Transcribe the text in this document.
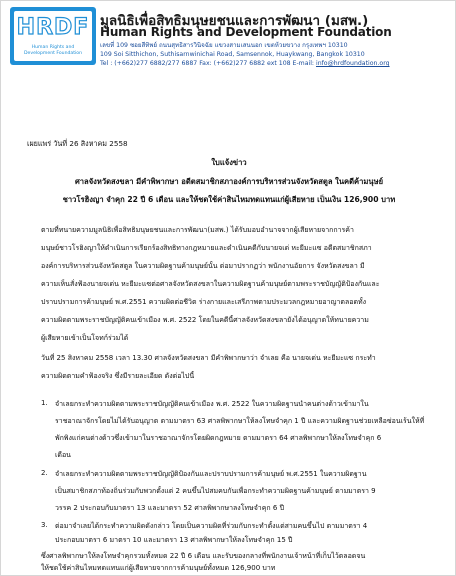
HRDF
Human Rights and Development Foundation
มูลนิธิเพื่อสิทธิมนุษยชนและการพัฒนา (มสพ.)
Human Rights and Development Foundation
เลขที่ 109 ซอยสีทิพย์ ถนนสุทธิสารวินิจฉัย แขวงสามเสนนอก เขตห้วยขวาง กรุงเทพฯ 10310
109 Soi Sitthichon, Suthisarnwinichai Road, Samsennok, Huaykwang, Bangkok 10310
Tel : (+662)277 6882/277 6887 Fax: (+662)277 6882 ext 108 E-mail: info@hrdfoundation.org
เผยแพร่ วันที่ 26 สิงหาคม 2558
ใบแจ้งข่าว
ศาลจังหวัดสงขลา มีคำพิพากษา อดีตสมาชิกสภาองค์การบริหารส่วนจังหวัดสตูล ในคดีค้ามนุษย์
ชาวโรฮิงญา จำคุก 22 ปี 6 เดือน และให้ชดใช้ค่าสินไหมทดแทนแก่ผู้เสียหาย เป็นเงิน 126,900 บาท
ตามที่ทนายความมูลนิธิเพื่อสิทธิมนุษยชนและการพัฒนา(มสพ.) ได้รับมอบอำนาจจากผู้เสียหายจากการค้า
มนุษย์ชาวโรฮิงญาให้ดำเนินการเรียกร้องสิทธิทางกฎหมายและดำเนินคดีกับนายจเด่ หะยีมะแซ อดีตสมาชิกสภา
องค์การบริหารส่วนจังหวัดสตูล ในความผิดฐานค้ามนุษย์นั้น ต่อมาปรากฏว่า พนักงานอัยการ จังหวัดสงขลา มี
ความเห็นสั่งฟ้องนายจเด่น หะยีมะแซต่อศาลจังหวัดสงขลาในความผิดฐานค้ามนุษย์ตามพระราชบัญญัติป้องกันและ
ปราบปรามการค้ามนุษย์ พ.ศ.2551 ความผิดต่อชีวิต ร่างกายและเสรีภาพตามประมวลกฎหมายอาญาตลอดทั้ง
ความผิดตามพระราชบัญญัติคนเข้าเมือง พ.ศ. 2522 โดยในคดีนี้ศาลจังหวัดสงขลายังได้อนุญาตให้ทนายความ
ผู้เสียหายเข้าเป็นโจทก์ร่วมได้
วันที่ 25 สิงหาคม 2558 เวลา 13.30 ศาลจังหวัดสงขลา มีคำพิพากษาว่า จำเลย คือ นายจเด่น หะยีมะแซ กระทำ
ความผิดตามคำฟ้องจริง ซึ่งมีรายละเอียด ดังต่อไปนี้
1. จำเลยกระทำความผิดตามพระราชบัญญัติคนเข้าเมือง พ.ศ. 2522 ในความผิดฐานนำคนต่างด้าวเข้ามาใน
ราชอาณาจักรโดยไม่ได้รับอนุญาต ตามมาตรา 63 ศาลพิพากษาให้ลงโทษจำคุก 1 ปี และความผิดฐานช่วยเหลือซ่อนเร้นให้ที่
พักพิงแก่คนต่างด้าวซึ่งเข้ามาในราชอาณาจักรโดยผิดกฎหมาย ตามมาตรา 64 ศาลพิพากษาให้ลงโทษจำคุก 6
เดือน
2. จำเลยกระทำความผิดตามพระราชบัญญัติป้องกันและปราบปรามการค้ามนุษย์ พ.ศ.2551 ในความผิดฐาน
เป็นสมาชิกสภาท้องถิ่นร่วมกับพวกตั้งแต่ 2 คนขึ้นไปสมคบกันเพื่อกระทำความผิดฐานค้ามนุษย์ ตามมาตรา 9
วรรค 2 ประกอบกับมาตรา 13 และมาตรา 52 ศาลพิพากษาลงโทษจำคุก 6 ปี
3. ต่อมาจำเลยได้กระทำความผิดดังกล่าว โดยเป็นความผิดที่ร่วมกับกระทำตั้งแต่สามคนขึ้นไป ตามมาตรา 4
ประกอบมาตรา 6 มาตรา 10 และมาตรา 13 ศาลพิพากษาให้ลงโทษจำคุก 15 ปี
ซึ่งศาลพิพากษาให้ลงโทษจำคุกรวมทั้งหมด 22 ปี 6 เดือน และรับของกลางที่พนักงานเจ้าหน้าที่เก็บไว้ตลอดจน
ให้ชดใช้ค่าสินไหมทดแทนแก่ผู้เสียหายจากการค้ามนุษย์ทั้งหมด 126,900 บาท
